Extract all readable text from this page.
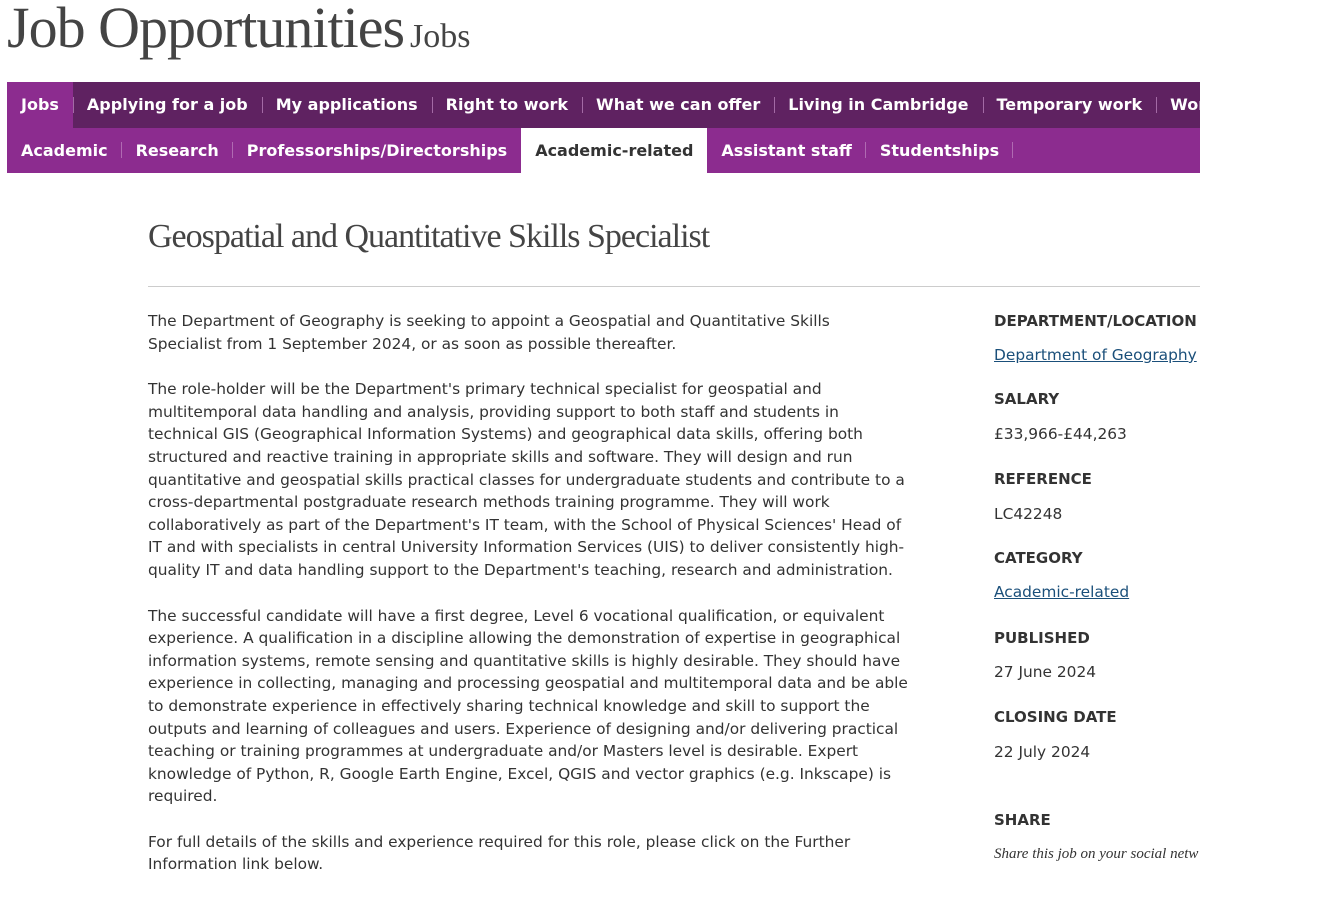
Job Opportunities Jobs
Jobs	Applying for a job	My applications	Right to work	What we can offer	Living in Cambridge	Temporary work	Work experience
Academic	Research	Professorships/Directorships	Academic-related	Assistant staff	Studentships
Geospatial and Quantitative Skills Specialist

The Department of Geography is seeking to appoint a Geospatial and Quantitative Skills Specialist from 1 September 2024, or as soon as possible thereafter.

The role-holder will be the Department's primary technical specialist for geospatial and multitemporal data handling and analysis, providing support to both staff and students in technical GIS (Geographical Information Systems) and geographical data skills, offering both structured and reactive training in appropriate skills and software. They will design and run quantitative and geospatial skills practical classes for undergraduate students and contribute to a cross-departmental postgraduate research methods training programme. They will work collaboratively as part of the Department's IT team, with the School of Physical Sciences' Head of IT and with specialists in central University Information Services (UIS) to deliver consistently high-quality IT and data handling support to the Department's teaching, research and administration.

The successful candidate will have a first degree, Level 6 vocational qualification, or equivalent experience. A qualification in a discipline allowing the demonstration of expertise in geographical information systems, remote sensing and quantitative skills is highly desirable. They should have experience in collecting, managing and processing geospatial and multitemporal data and be able to demonstrate experience in effectively sharing technical knowledge and skill to support the outputs and learning of colleagues and users. Experience of designing and/or delivering practical teaching or training programmes at undergraduate and/or Masters level is desirable. Expert knowledge of Python, R, Google Earth Engine, Excel, QGIS and vector graphics (e.g. Inkscape) is required.

For full details of the skills and experience required for this role, please click on the Further Information link below.

DEPARTMENT/LOCATION
Department of Geography
SALARY
£33,966-£44,263
REFERENCE
LC42248
CATEGORY
Academic-related
PUBLISHED
27 June 2024
CLOSING DATE
22 July 2024
SHARE
Share this job on your social netw
